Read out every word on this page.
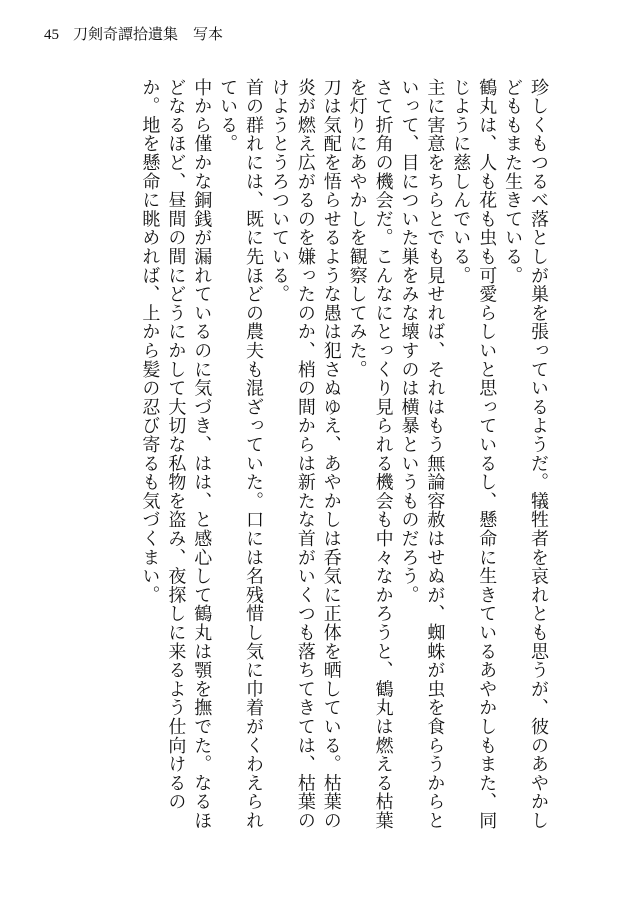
45 刀剣奇譚拾遺集　写本

珍しくもつるべ落としが巣を張っているようだ。犠牲者を哀れとも思うが、彼のあやかしどももまた生きている。

鶴丸は、人も花も虫も可愛らしいと思っているし、懸命に生きているあやかしもまた、同じように慈しんでいる。

主に害意をちらとでも見せれば、それはもう無論容赦はせぬが、蜘蛛が虫を食らうからといって、目についた巣をみな壊すのは横暴というものだろう。

さて折角の機会だ。こんなにとっくり見られる機会も中々なかろうと、鶴丸は燃える枯葉を灯りにあやかしを観察してみた。

刀は気配を悟らせるような愚は犯さぬゆえ、あやかしは呑気に正体を晒している。枯葉の炎が燃え広がるのを嫌ったのか、梢の間からは新たな首がいくつも落ちてきては、枯葉のけようとうろついている。

首の群れには、既に先ほどの農夫も混ざっていた。口には名残惜し気に巾着がくわえられている。

中から僅かな銅銭が漏れているのに気づき、はは、と感心して鶴丸は顎を撫でた。なるほどなるほど、昼間の間にどうにかして大切な私物を盗み、夜探しに来るよう仕向けるのか。地を懸命に眺めれば、上から髪の忍び寄るも気づくまい。
